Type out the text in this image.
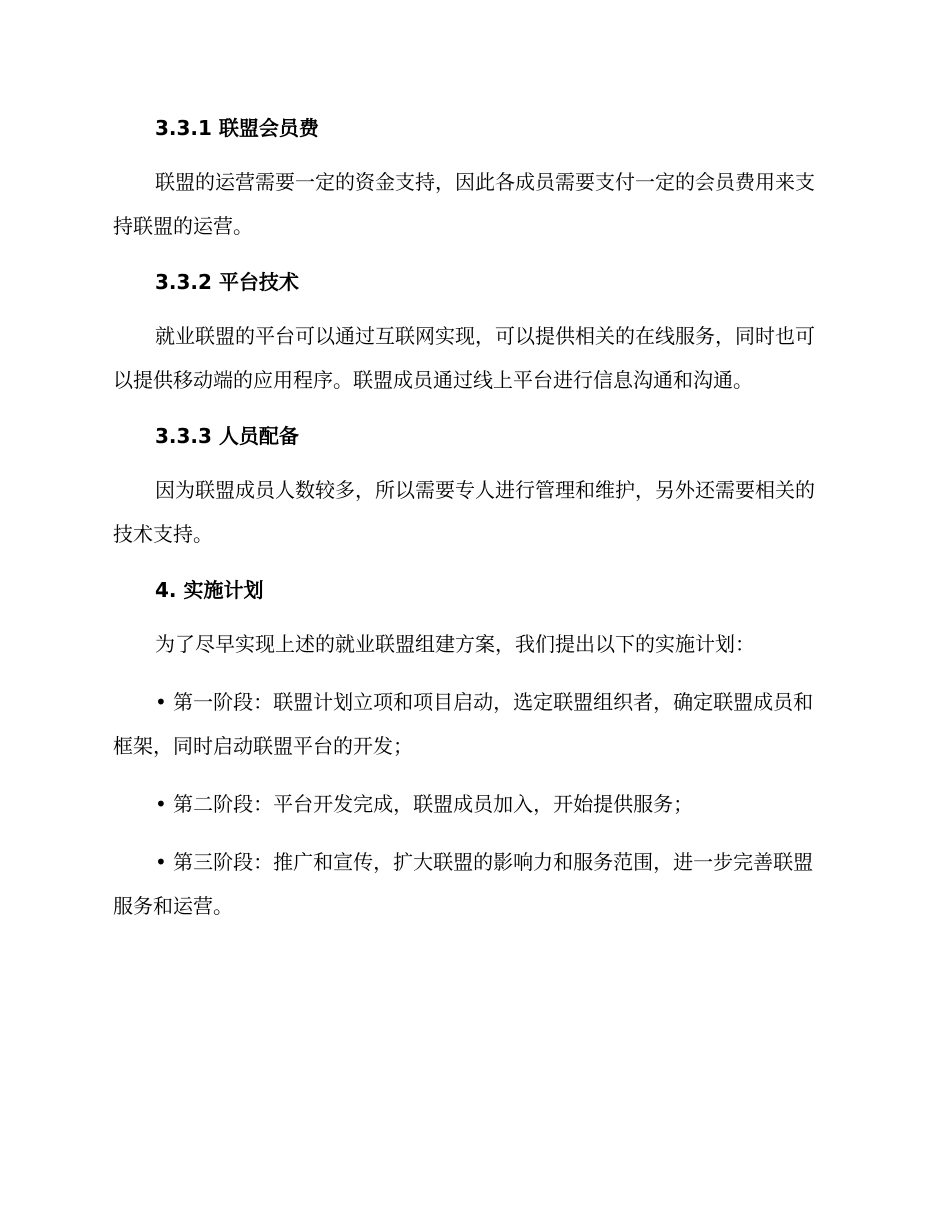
3.3.1 联盟会员费

联盟的运营需要一定的资金支持，因此各成员需要支付一定的会员费用来支持联盟的运营。

3.3.2 平台技术

就业联盟的平台可以通过互联网实现，可以提供相关的在线服务，同时也可以提供移动端的应用程序。联盟成员通过线上平台进行信息沟通和沟通。

3.3.3 人员配备

因为联盟成员人数较多，所以需要专人进行管理和维护，另外还需要相关的技术支持。

4. 实施计划

为了尽早实现上述的就业联盟组建方案，我们提出以下的实施计划：

• 第一阶段：联盟计划立项和项目启动，选定联盟组织者，确定联盟成员和框架，同时启动联盟平台的开发；

• 第二阶段：平台开发完成，联盟成员加入，开始提供服务；

• 第三阶段：推广和宣传，扩大联盟的影响力和服务范围，进一步完善联盟服务和运营。
